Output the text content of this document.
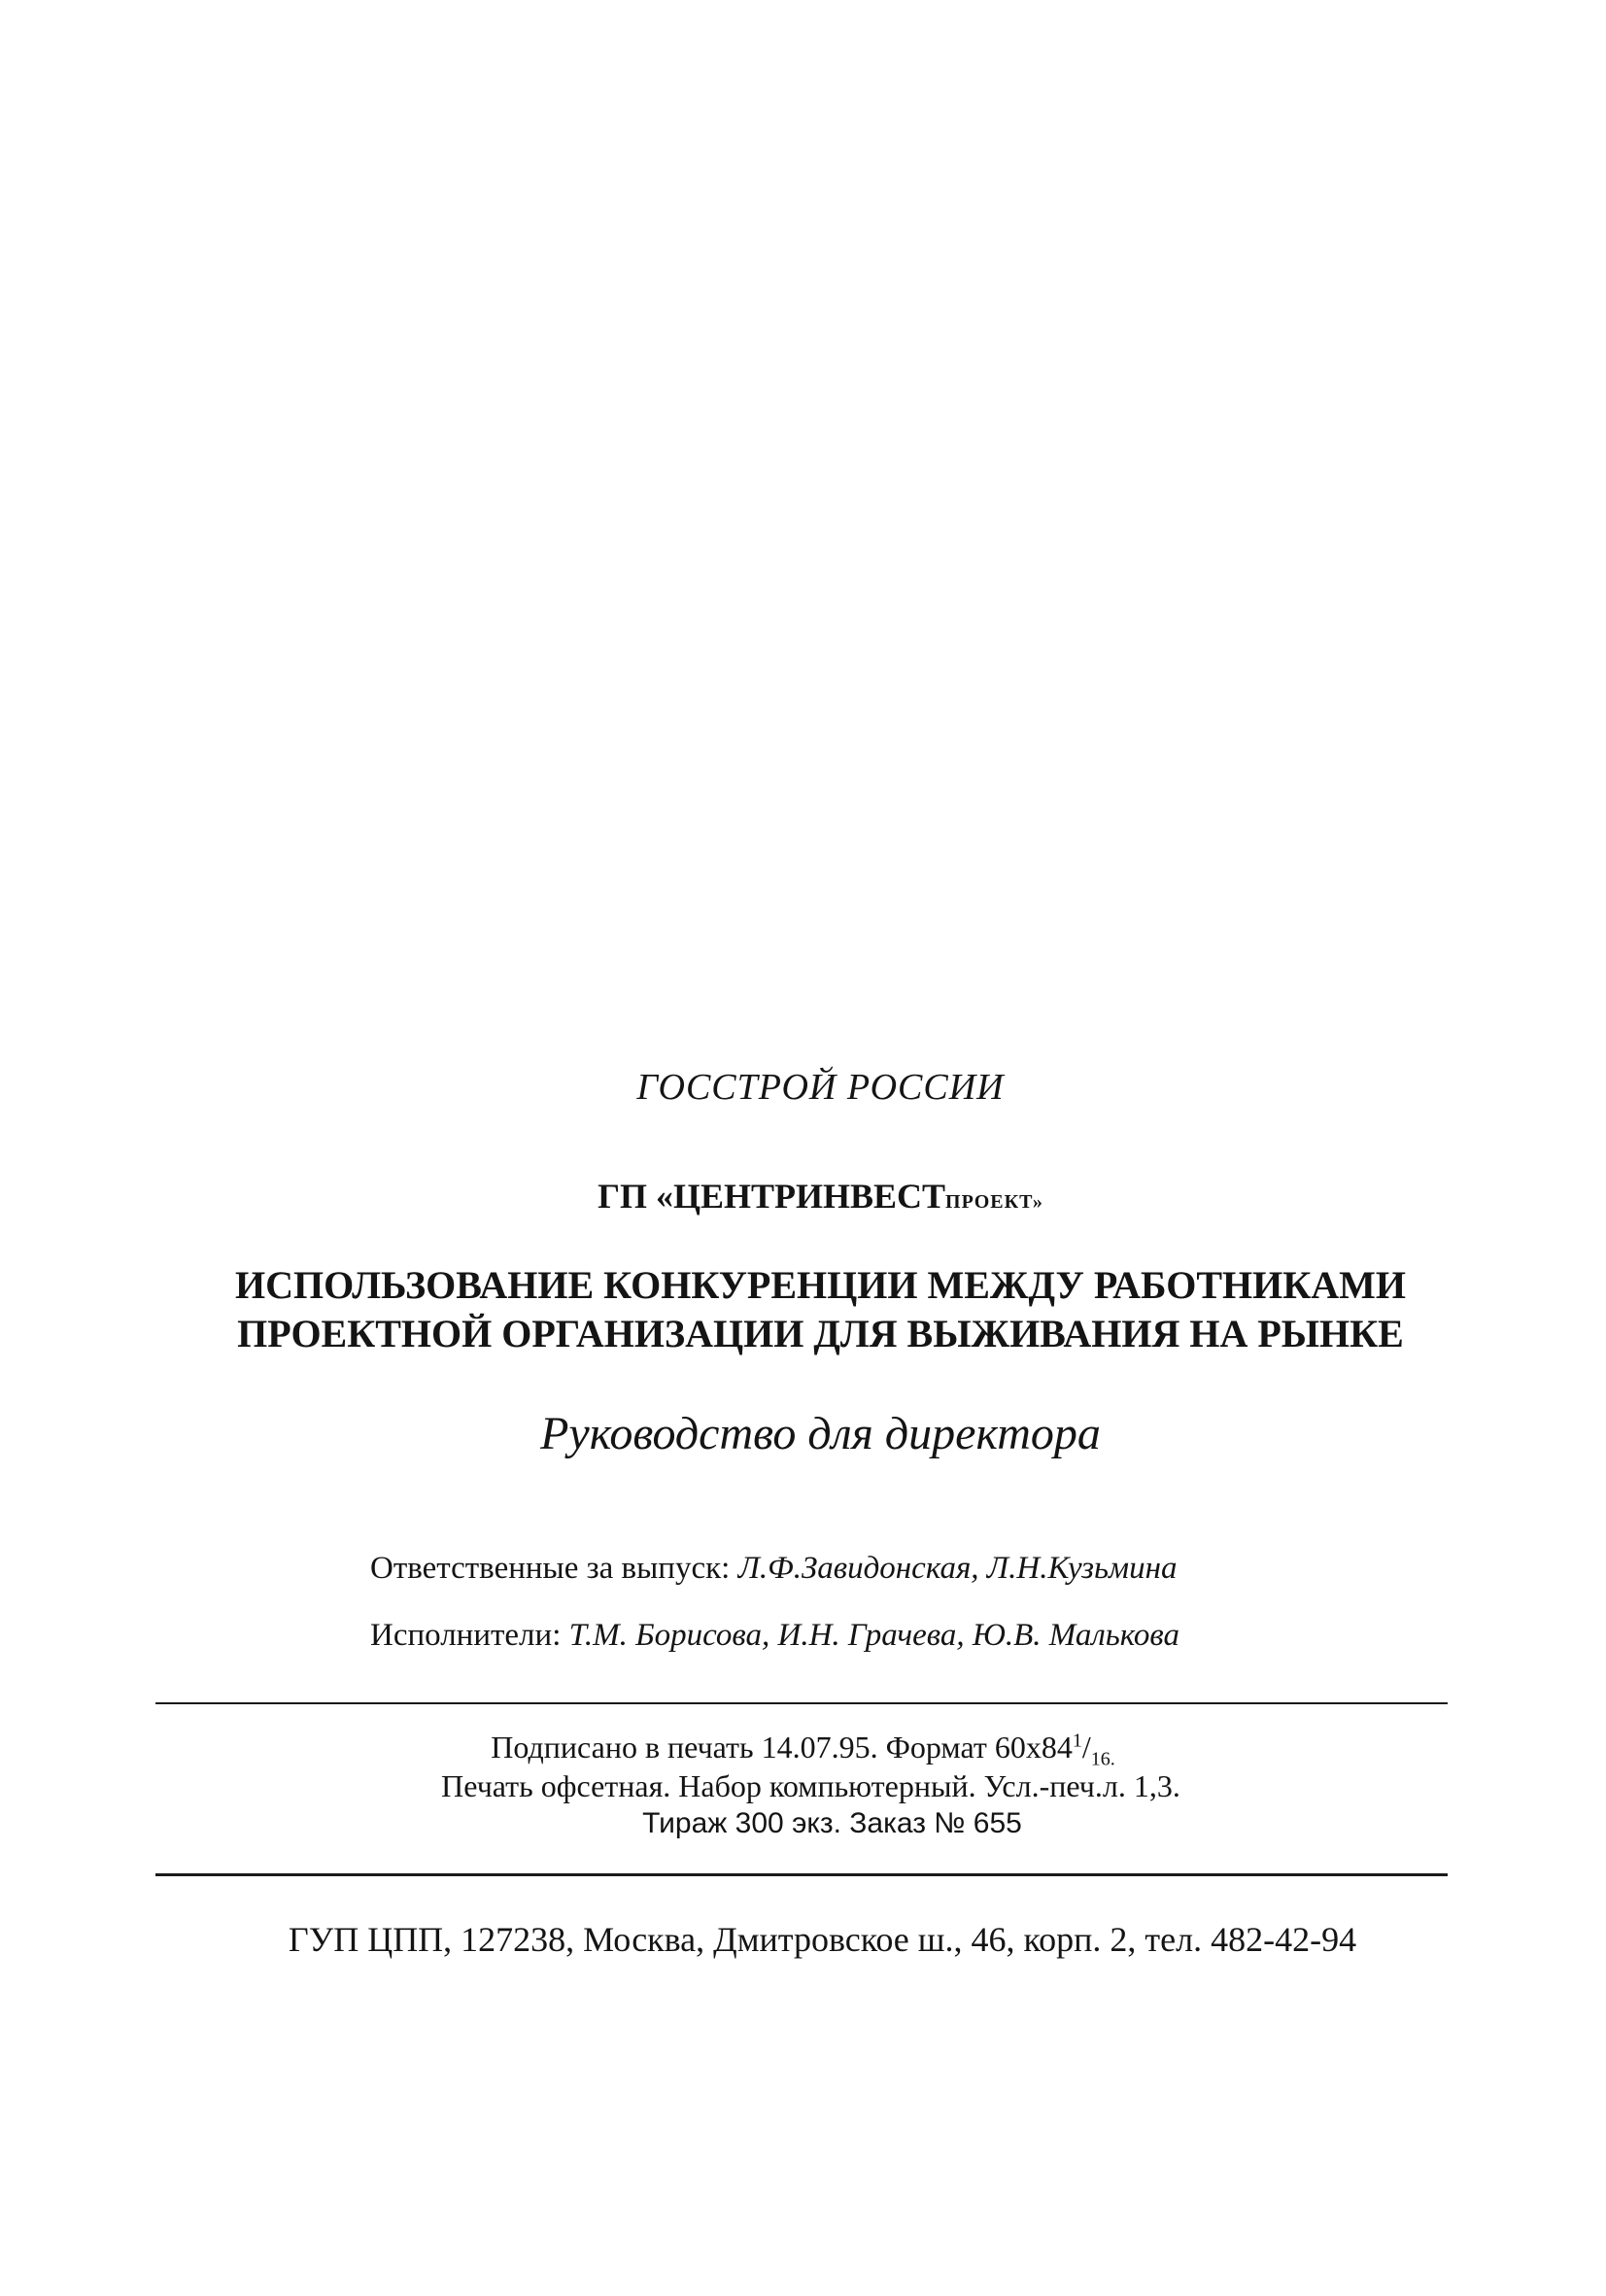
ГОССТРОЙ РОССИИ
ГП «ЦЕНТРИНВЕСТПРОЕКТ»
ИСПОЛЬЗОВАНИЕ КОНКУРЕНЦИИ МЕЖДУ РАБОТНИКАМИ
ПРОЕКТНОЙ ОРГАНИЗАЦИИ ДЛЯ ВЫЖИВАНИЯ НА РЫНКЕ
Руководство для директора
Ответственные за выпуск: Л.Ф.Завидонская, Л.Н.Кузьмина
Исполнители: Т.М. Борисова, И.Н. Грачева, Ю.В. Малькова
Подписано в печать 14.07.95. Формат $60х84^1/_{16.}$
Печать офсетная. Набор компьютерный. Усл.-печ.л. 1,3.
Тираж 300 экз. Заказ № 655
ГУП ЦПП, 127238, Москва, Дмитровское ш., 46, корп. 2, тел. 482-42-94
